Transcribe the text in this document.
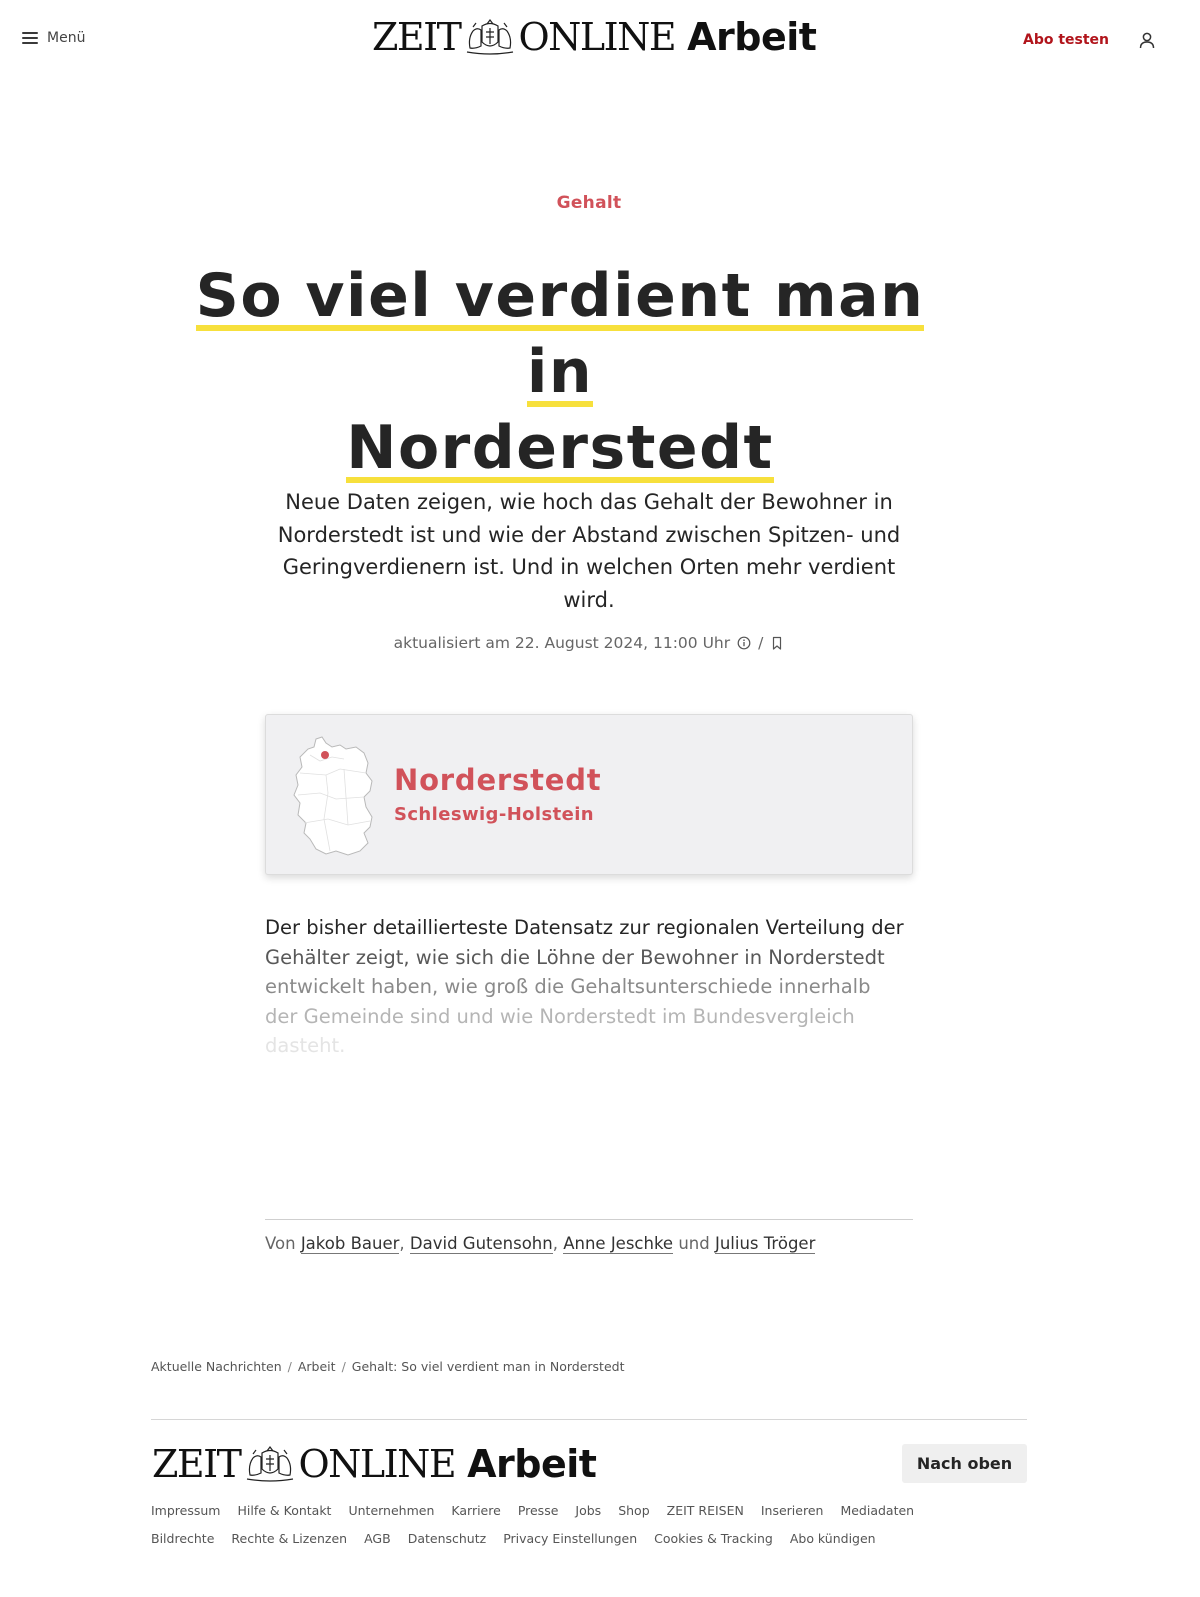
Menü	ZEIT ONLINE Arbeit	Abo testen
Gehalt
So viel verdient man in
Norderstedt

Neue Daten zeigen, wie hoch das Gehalt der Bewohner in Norderstedt ist und wie der Abstand zwischen Spitzen- und Geringverdienern ist. Und in welchen Orten mehr verdient wird.

aktualisiert am 22. August 2024, 11:00 Uhr /
Norderstedt
Schleswig-Holstein
Der bisher detaillierteste Datensatz zur regionalen Verteilung der
Gehälter zeigt, wie sich die Löhne der Bewohner in Norderstedt
entwickelt haben, wie groß die Gehaltsunterschiede innerhalb
der Gemeinde sind und wie Norderstedt im Bundesvergleich
dasteht.
Von Jakob Bauer, David Gutensohn, Anne Jeschke und Julius Tröger
Aktuelle Nachrichten / Arbeit / Gehalt: So viel verdient man in Norderstedt
ZEIT ONLINE Arbeit	Nach oben
Impressum Hilfe & Kontakt Unternehmen Karriere Presse Jobs Shop ZEIT REISEN Inserieren Mediadaten
Bildrechte Rechte & Lizenzen AGB Datenschutz Privacy Einstellungen Cookies & Tracking Abo kündigen
